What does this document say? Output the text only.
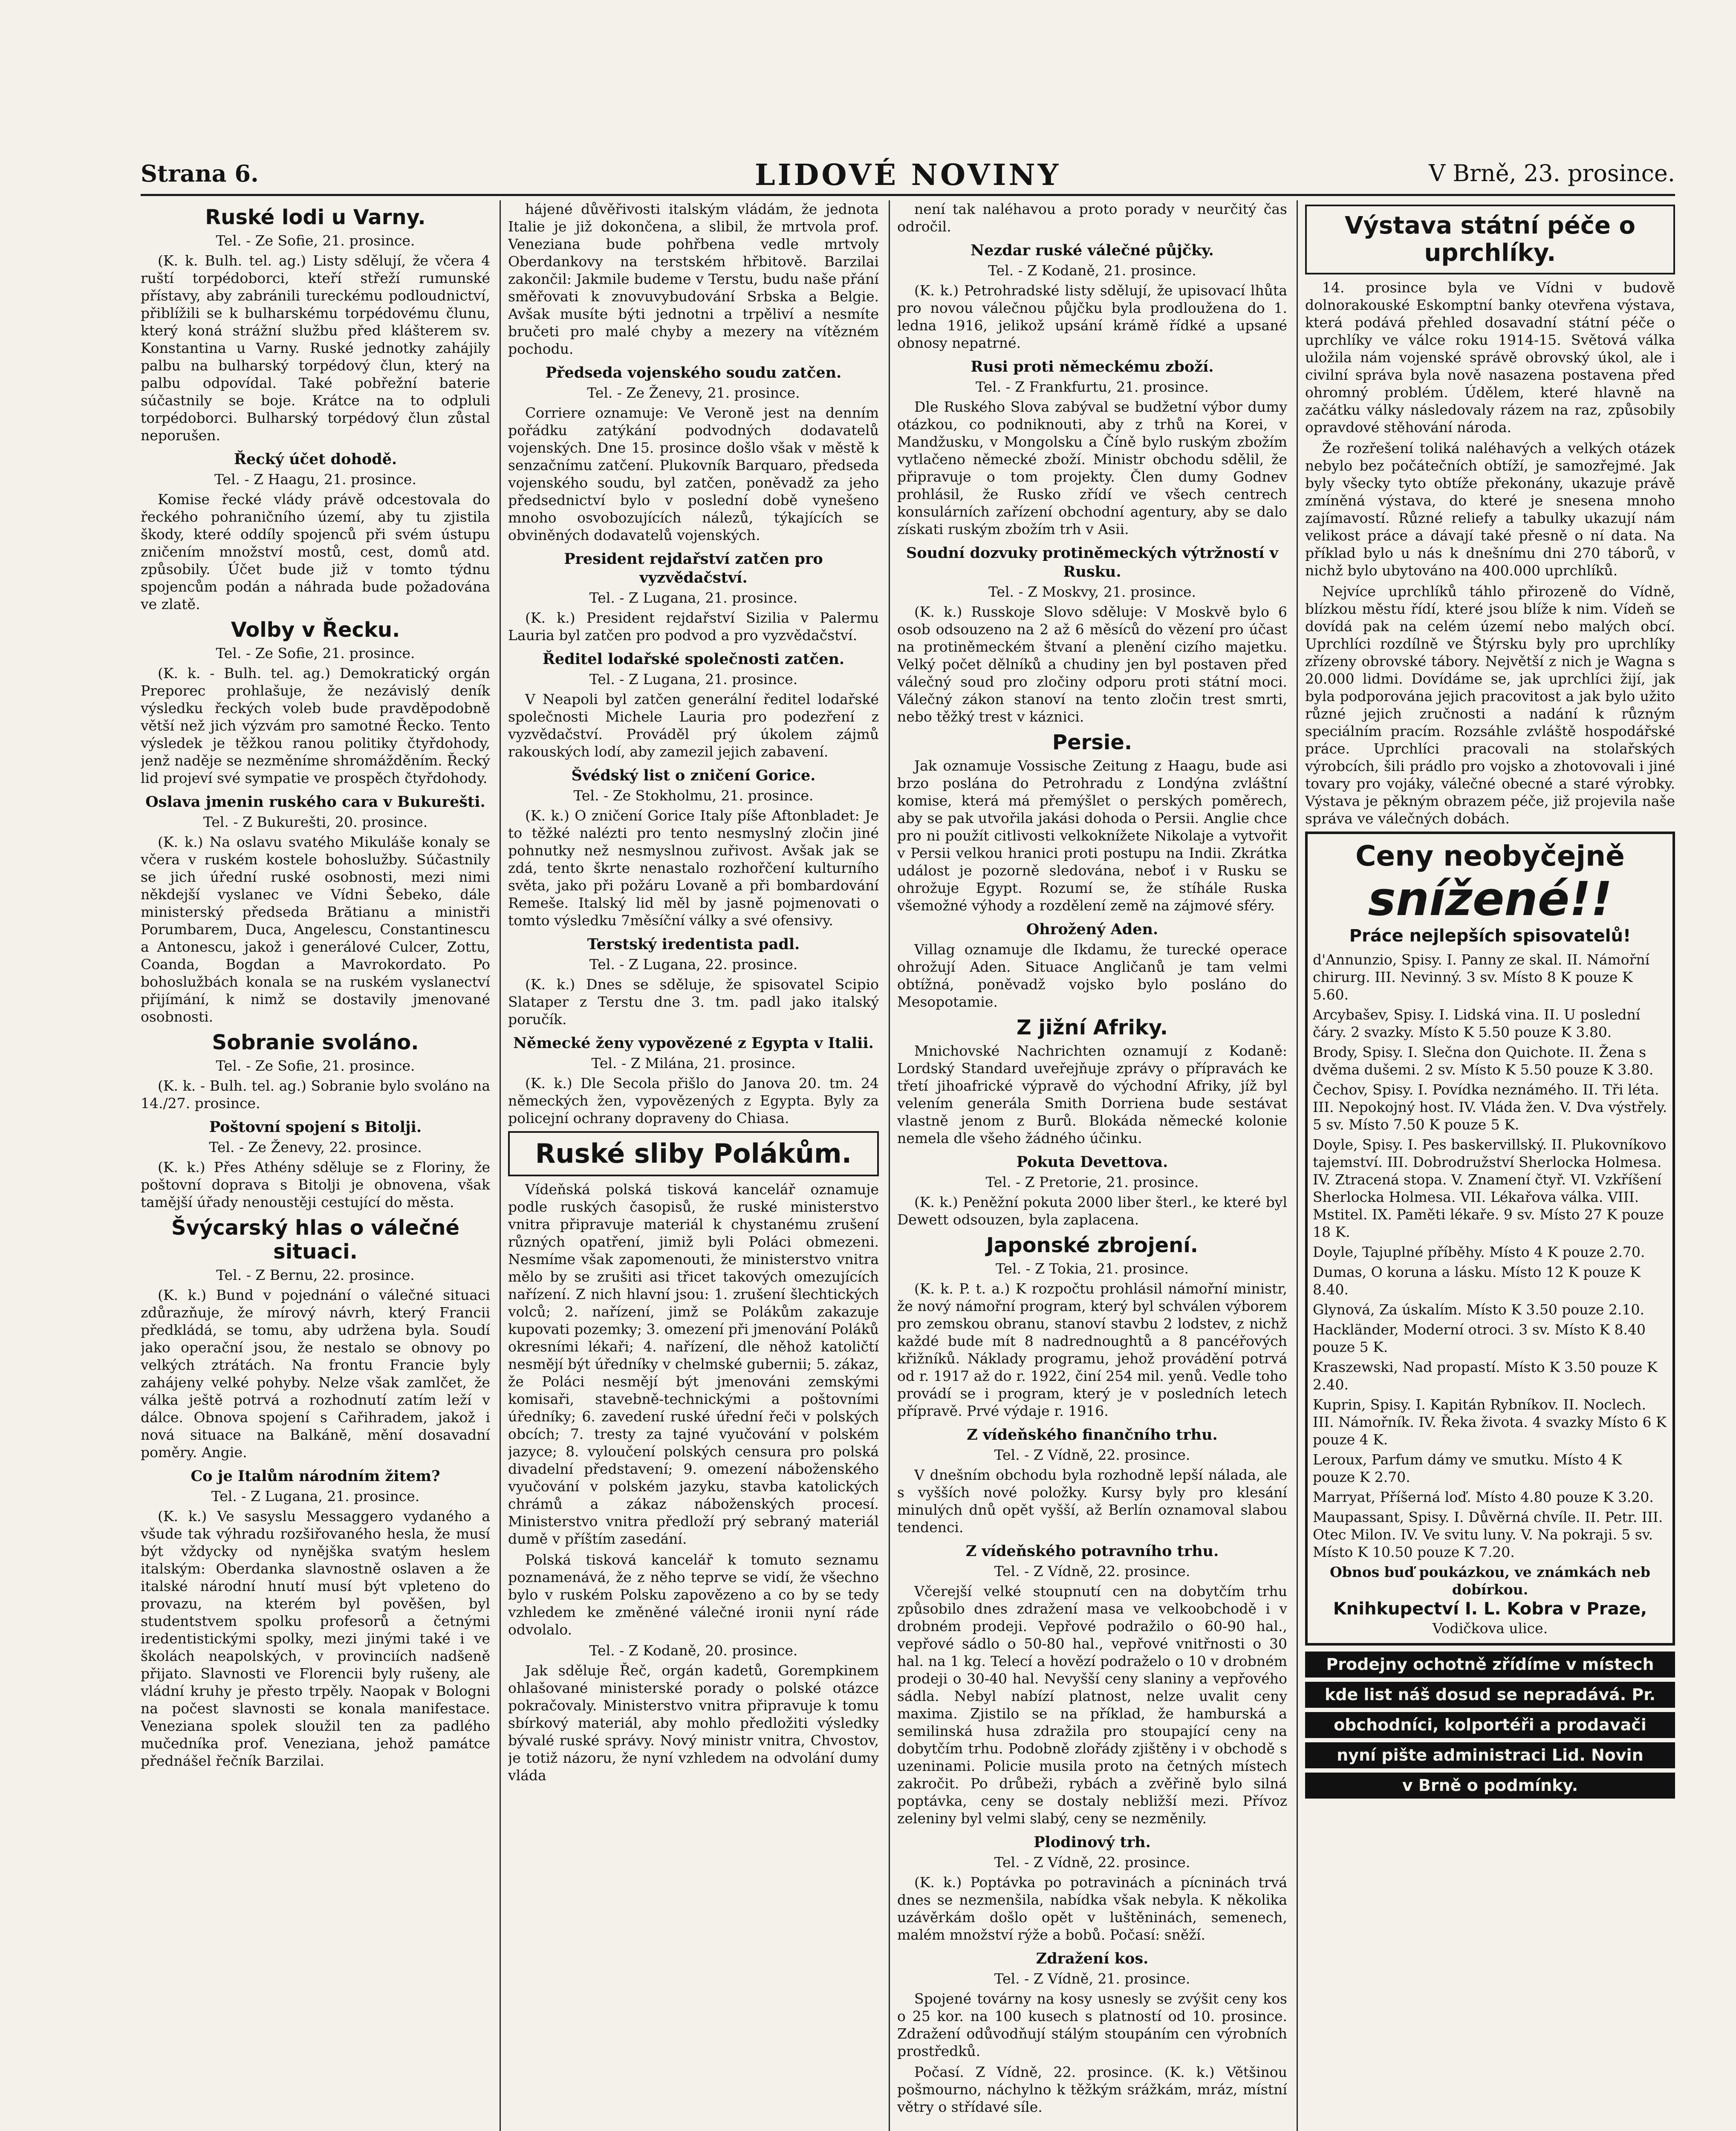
Strana 6.	LIDOVÉ NOVINY	V Brně, 23. prosince.
Ruské lodi u Varny.
Tel. - Ze Sofie, 21. prosince.

(K. k. Bulh. tel. ag.) Listy sdělují, že včera 4 ruští torpédoborci, kteří střeží rumunské přístavy, aby zabránili tureckému podloudnictví, přiblížili se k bulharskému torpédovému člunu, který koná strážní službu před klášterem sv. Konstantina u Varny. Ruské jednotky zahájily palbu na bulharský torpédový člun, který na palbu odpovídal. Také pobřežní baterie súčastnily se boje. Krátce na to odpluli torpédoborci. Bulharský torpédový člun zůstal neporušen.

Řecký účet dohodě.
Tel. - Z Haagu, 21. prosince.

Komise řecké vlády právě odcestovala do řeckého pohraničního území, aby tu zjistila škody, které oddíly spojenců při svém ústupu zničením množství mostů, cest, domů atd. způsobily. Účet bude již v tomto týdnu spojencům podán a náhrada bude požadována ve zlatě.

Volby v Řecku.
Tel. - Ze Sofie, 21. prosince.

(K. k. - Bulh. tel. ag.) Demokratický orgán Preporec prohlašuje, že nezávislý deník výsledku řeckých voleb bude pravděpodobně větší než jich výzvám pro samotné Řecko. Tento výsledek je těžkou ranou politiky čtyřdohody, jenž naděje se nezměníme shromážděním. Řecký lid projeví své sympatie ve prospěch čtyřdohody.

Oslava jmenin ruského cara v Bukurešti.
Tel. - Z Bukurešti, 20. prosince.

(K. k.) Na oslavu svatého Mikuláše konaly se včera v ruském kostele bohoslužby. Súčastnily se jich úřední ruské osobnosti, mezi nimi někdejší vyslanec ve Vídni Šebeko, dále ministerský předseda Brătianu a ministři Porumbarem, Duca, Angelescu, Constantinescu a Antonescu, jakož i generálové Culcer, Zottu, Coanda, Bogdan a Mavrokordato. Po bohoslužbách konala se na ruském vyslanectví přijímání, k nimž se dostavily jmenované osobnosti.

Sobranie svoláno.
Tel. - Ze Sofie, 21. prosince.

(K. k. - Bulh. tel. ag.) Sobranie bylo svoláno na 14./27. prosince.

Poštovní spojení s Bitolji.
Tel. - Ze Ženevy, 22. prosince.

(K. k.) Přes Athény sděluje se z Floriny, že poštovní doprava s Bitolji je obnovena, však tamější úřady nenoustěji cestující do města.

Švýcarský hlas o válečné situaci.
Tel. - Z Bernu, 22. prosince.

(K. k.) Bund v pojednání o válečné situaci zdůrazňuje, že mírový návrh, který Francii předkládá, se tomu, aby udržena byla. Soudí jako operační jsou, že nestalo se obnovy po velkých ztrátách. Na frontu Francie byly zahájeny velké pohyby. Nelze však zamlčet, že válka ještě potrvá a rozhodnutí zatím leží v dálce. Obnova spojení s Cařihradem, jakož i nová situace na Balkáně, mění dosavadní poměry. Angie.

Co je Italům národním žitem?
Tel. - Z Lugana, 21. prosince.

(K. k.) Ve sasyslu Messaggero vydaného a všude tak výhradu rozšiřovaného hesla, že musí být vždycky od nynějška svatým heslem italským: Oberdanka slavnostně oslaven a že italské národní hnutí musí být vpleteno do provazu, na kterém byl pověšen, byl studentstvem spolku profesorů a četnými iredentistickými spolky, mezi jinými také i ve školách neapolských, v provinciích nadšeně přijato. Slavnosti ve Florencii byly rušeny, ale vládní kruhy je přesto trpěly. Naopak v Bologni na počest slavnosti se konala manifestace. Veneziana spolek sloužil ten za padlého mučedníka prof. Veneziana, jehož památce přednášel řečník Barzilai.

hájené důvěřivosti italským vládám, že jednota Italie je již dokončena, a slibil, že mrtvola prof. Veneziana bude pohřbena vedle mrtvoly Oberdankovy na terstském hřbitově. Barzilai zakončil: Jakmile budeme v Terstu, budu naše přání směřovati k znovuvybudování Srbska a Belgie. Avšak musíte býti jednotni a trpěliví a nesmíte bručeti pro malé chyby a mezery na vítězném pochodu.

Předseda vojenského soudu zatčen.
Tel. - Ze Ženevy, 21. prosince.

Corriere oznamuje: Ve Veroně jest na denním pořádku zatýkání podvodných dodavatelů vojenských. Dne 15. prosince došlo však v městě k senzačnímu zatčení. Plukovník Barquaro, předseda vojenského soudu, byl zatčen, poněvadž za jeho předsednictví bylo v poslední době vynešeno mnoho osvobozujících nálezů, týkajících se obviněných dodavatelů vojenských.

President rejdařství zatčen pro vyzvědačství.
Tel. - Z Lugana, 21. prosince.

(K. k.) President rejdařství Sizilia v Palermu Lauria byl zatčen pro podvod a pro vyzvědačství.

Ředitel lodařské společnosti zatčen.
Tel. - Z Lugana, 21. prosince.

V Neapoli byl zatčen generální ředitel lodařské společnosti Michele Lauria pro podezření z vyzvědačství. Prováděl prý úkolem zájmů rakouských lodí, aby zamezil jejich zabavení.

Švédský list o zničení Gorice.
Tel. - Ze Stokholmu, 21. prosince.

(K. k.) O zničení Gorice Italy píše Aftonbladet: Je to těžké nalézti pro tento nesmyslný zločin jiné pohnutky než nesmyslnou zuřivost. Avšak jak se zdá, tento škrte nenastalo rozhořčení kulturního světa, jako při požáru Lovaně a při bombardování Remeše. Italský lid měl by jasně pojmenovati o tomto výsledku 7měsíční války a své ofensivy.

Terstský iredentista padl.
Tel. - Z Lugana, 22. prosince.

(K. k.) Dnes se sděluje, že spisovatel Scipio Slataper z Terstu dne 3. tm. padl jako italský poručík.

Německé ženy vypovězené z Egypta v Italii.
Tel. - Z Milána, 21. prosince.

(K. k.) Dle Secola přišlo do Janova 20. tm. 24 německých žen, vypovězených z Egypta. Byly za policejní ochrany dopraveny do Chiasa.

Ruské sliby Polákům.

Vídeňská polská tisková kancelář oznamuje podle ruských časopisů, že ruské ministerstvo vnitra připravuje materiál k chystanému zrušení různých opatření, jimiž byli Poláci obmezeni. Nesmíme však zapomenouti, že ministerstvo vnitra mělo by se zrušiti asi třicet takových omezujících nařízení. Z nich hlavní jsou: 1. zrušení šlechtických volců; 2. nařízení, jimž se Polákům zakazuje kupovati pozemky; 3. omezení při jmenování Poláků okresními lékaři; 4. nařízení, dle něhož katoličtí nesmějí být úředníky v chelmské gubernii; 5. zákaz, že Poláci nesmějí být jmenováni zemskými komisaři, stavebně-technickými a poštovními úředníky; 6. zavedení ruské úřední řeči v polských obcích; 7. tresty za tajné vyučování v polském jazyce; 8. vyloučení polských censura pro polská divadelní představení; 9. omezení náboženského vyučování v polském jazyku, stavba katolických chrámů a zákaz náboženských procesí. Ministerstvo vnitra předloží prý sebraný materiál dumě v příštím zasedání.

Polská tisková kancelář k tomuto seznamu poznamenává, že z něho teprve se vidí, že všechno bylo v ruském Polsku zapovězeno a co by se tedy vzhledem ke změněné válečné ironii nyní ráde odvolalo.

Tel. - Z Kodaně, 20. prosince.

Jak sděluje Řeč, orgán kadetů, Gorempkinem ohlašované ministerské porady o polské otázce pokračovaly. Ministerstvo vnitra připravuje k tomu sbírkový materiál, aby mohlo předložiti výsledky bývalé ruské správy. Nový ministr vnitra, Chvostov, je totiž názoru, že nyní vzhledem na odvolání dumy vláda

není tak naléhavou a proto porady v neurčitý čas odročil.

Nezdar ruské válečné půjčky.
Tel. - Z Kodaně, 21. prosince.

(K. k.) Petrohradské listy sdělují, že upisovací lhůta pro novou válečnou půjčku byla prodloužena do 1. ledna 1916, jelikož upsání krámě řídké a upsané obnosy nepatrné.

Rusi proti německému zboží.
Tel. - Z Frankfurtu, 21. prosince.

Dle Ruského Slova zabýval se budžetní výbor dumy otázkou, co podniknouti, aby z trhů na Korei, v Mandžusku, v Mongolsku a Číně bylo ruským zbožím vytlačeno německé zboží. Ministr obchodu sdělil, že připravuje o tom projekty. Člen dumy Godnev prohlásil, že Rusko zřídí ve všech centrech konsulárních zařízení obchodní agentury, aby se dalo získati ruským zbožím trh v Asii.

Soudní dozvuky protiněmeckých výtržností v Rusku.
Tel. - Z Moskvy, 21. prosince.

(K. k.) Russkoje Slovo sděluje: V Moskvě bylo 6 osob odsouzeno na 2 až 6 měsíců do vězení pro účast na protiněmeckém štvaní a plenění cizího majetku. Velký počet dělníků a chudiny jen byl postaven před válečný soud pro zločiny odporu proti státní moci. Válečný zákon stanoví na tento zločin trest smrti, nebo těžký trest v káznici.

Persie.

Jak oznamuje Vossische Zeitung z Haagu, bude asi brzo poslána do Petrohradu z Londýna zvláštní komise, která má přemýšlet o perských poměrech, aby se pak utvořila jakási dohoda o Persii. Anglie chce pro ni použít citlivosti velkoknížete Nikolaje a vytvořit v Persii velkou hranici proti postupu na Indii. Zkrátka událost je pozorně sledována, neboť i v Rusku se ohrožuje Egypt. Rozumí se, že stíhále Ruska všemožné výhody a rozdělení země na zájmové sféry.

Ohrožený Aden.

Villag oznamuje dle Ikdamu, že turecké operace ohrožují Aden. Situace Angličanů je tam velmi obtížná, poněvadž vojsko bylo posláno do Mesopotamie.

Z jižní Afriky.

Mnichovské Nachrichten oznamují z Kodaně: Lordský Standard uveřejňuje zprávy o přípravách ke třetí jihoafrické výpravě do východní Afriky, jíž byl velením generála Smith Dorriena bude sestávat vlastně jenom z Burů. Blokáda německé kolonie nemela dle všeho žádného účinku.

Pokuta Devettova.
Tel. - Z Pretorie, 21. prosince.

(K. k.) Peněžní pokuta 2000 liber šterl., ke které byl Dewett odsouzen, byla zaplacena.

Japonské zbrojení.
Tel. - Z Tokia, 21. prosince.

(K. k. P. t. a.) K rozpočtu prohlásil námořní ministr, že nový námořní program, který byl schválen výborem pro zemskou obranu, stanoví stavbu 2 lodstev, z nichž každé bude mít 8 nadrednoughtů a 8 pancéřových křižníků. Náklady programu, jehož provádění potrvá od r. 1917 až do r. 1922, činí 254 mil. yenů. Vedle toho provádí se i program, který je v posledních letech přípravě. Prvé výdaje r. 1916.

Z vídeňského finančního trhu.
Tel. - Z Vídně, 22. prosince.

V dnešním obchodu byla rozhodně lepší nálada, ale s vyšších nové položky. Kursy byly pro klesání minulých dnů opět vyšší, až Berlín oznamoval slabou tendenci.

Z vídeňského potravního trhu.
Tel. - Z Vídně, 22. prosince.

Včerejší velké stoupnutí cen na dobytčím trhu způsobilo dnes zdražení masa ve velkoobchodě i v drobném prodeji. Vepřové podražilo o 60-90 hal., vepřové sádlo o 50-80 hal., vepřové vnitřnosti o 30 hal. na 1 kg. Telecí a hovězí podraželo o 10 v drobném prodeji o 30-40 hal. Nevyšší ceny slaniny a vepřového sádla. Nebyl nabízí platnost, nelze uvalit ceny maxima. Zjistilo se na příklad, že hamburská a semilinská husa zdražila pro stoupající ceny na dobytčím trhu. Podobně zlořády zjištěny i v obchodě s uzeninami. Policie musila proto na četných místech zakročit. Po drůbeži, rybách a zvěřině bylo silná poptávka, ceny se dostaly nebližší mezi. Přívoz zeleniny byl velmi slabý, ceny se nezměnily.

Plodinový trh.
Tel. - Z Vídně, 22. prosince.

(K. k.) Poptávka po potravinách a pícninách trvá dnes se nezmenšila, nabídka však nebyla. K několika uzávěrkám došlo opět v luštěninách, semenech, malém množství rýže a bobů. Počasí: sněží.

Zdražení kos.
Tel. - Z Vídně, 21. prosince.

Spojené továrny na kosy usnesly se zvýšit ceny kos o 25 kor. na 100 kusech s platností od 10. prosince. Zdražení odůvodňují stálým stoupáním cen výrobních prostředků.

Počasí. Z Vídně, 22. prosince. (K. k.) Většinou pošmourno, náchylno k těžkým srážkám, mráz, místní větry o střídavé síle.

Výstava státní péče o uprchlíky.

14. prosince byla ve Vídni v budově dolnorakouské Eskomptní banky otevřena výstava, která podává přehled dosavadní státní péče o uprchlíky ve válce roku 1914-15. Světová válka uložila nám vojenské správě obrovský úkol, ale i civilní správa byla nově nasazena postavena před ohromný problém. Údělem, které hlavně na začátku války následovaly rázem na raz, způsobily opravdové stěhování národa.

Že rozřešení toliká naléhavých a velkých otázek nebylo bez počátečních obtíží, je samozřejmé. Jak byly všecky tyto obtíže překonány, ukazuje právě zmíněná výstava, do které je snesena mnoho zajímavostí. Různé reliefy a tabulky ukazují nám velikost práce a dávají také přesně o ní data. Na příklad bylo u nás k dnešnímu dni 270 táborů, v nichž bylo ubytováno na 400.000 uprchlíků.

Nejvíce uprchlíků táhlo přirozeně do Vídně, blízkou městu řídí, které jsou blíže k nim. Vídeň se dovídá pak na celém území nebo malých obcí. Uprchlíci rozdílně ve Štýrsku byly pro uprchlíky zřízeny obrovské tábory. Největší z nich je Wagna s 20.000 lidmi. Dovídáme se, jak uprchlíci žijí, jak byla podporována jejich pracovitost a jak bylo užito různé jejich zručnosti a nadání k různým speciálním pracím. Rozsáhle zvláště hospodářské práce. Uprchlíci pracovali na stolařských výrobcích, šili prádlo pro vojsko a zhotovovali i jiné tovary pro vojáky, válečné obecné a staré výrobky. Výstava je pěkným obrazem péče, již projevila naše správa ve válečných dobách.

Ceny neobyčejně
snížené!!
Práce nejlepších spisovatelů!
d'Annunzio, Spisy. I. Panny ze skal. II. Námořní chirurg. III. Nevinný. 3 sv. Místo 8 K pouze K 5.60.
Arcybašev, Spisy. I. Lidská vina. II. U poslední čáry. 2 svazky. Místo K 5.50 pouze K 3.80.
Brody, Spisy. I. Slečna don Quichote. II. Žena s dvěma dušemi. 2 sv. Místo K 5.50 pouze K 3.80.
Čechov, Spisy. I. Povídka neznámého. II. Tři léta. III. Nepokojný host. IV. Vláda žen. V. Dva výstřely. 5 sv. Místo 7.50 K pouze 5 K.
Doyle, Spisy. I. Pes baskervillský. II. Plukovníkovo tajemství. III. Dobrodružství Sherlocka Holmesa. IV. Ztracená stopa. V. Znamení čtyř. VI. Vzkříšení Sherlocka Holmesa. VII. Lékařova válka. VIII. Mstitel. IX. Paměti lékaře. 9 sv. Místo 27 K pouze 18 K.
Doyle, Tajuplné příběhy. Místo 4 K pouze 2.70.
Dumas, O koruna a lásku. Místo 12 K pouze K 8.40.
Glynová, Za úskalím. Místo K 3.50 pouze 2.10.
Hackländer, Moderní otroci. 3 sv. Místo K 8.40 pouze 5 K.
Kraszewski, Nad propastí. Místo K 3.50 pouze K 2.40.
Kuprin, Spisy. I. Kapitán Rybníkov. II. Noclech. III. Námořník. IV. Řeka života. 4 svazky Místo 6 K pouze 4 K.
Leroux, Parfum dámy ve smutku. Místo 4 K pouze K 2.70.
Marryat, Příšerná loď. Místo 4.80 pouze K 3.20.
Maupassant, Spisy. I. Důvěrná chvíle. II. Petr. III. Otec Milon. IV. Ve svitu luny. V. Na pokraji. 5 sv. Místo K 10.50 pouze K 7.20.
Obnos buď poukázkou, ve známkách neb dobírkou.
Knihkupectví I. L. Kobra v Praze,
Vodičkova ulice.
Prodejny ochotně zřídíme v místech
kde list náš dosud se nepradává. Pr.
obchodníci, kolportéři a prodavači
nyní pište administraci Lid. Novin
v Brně o podmínky.
